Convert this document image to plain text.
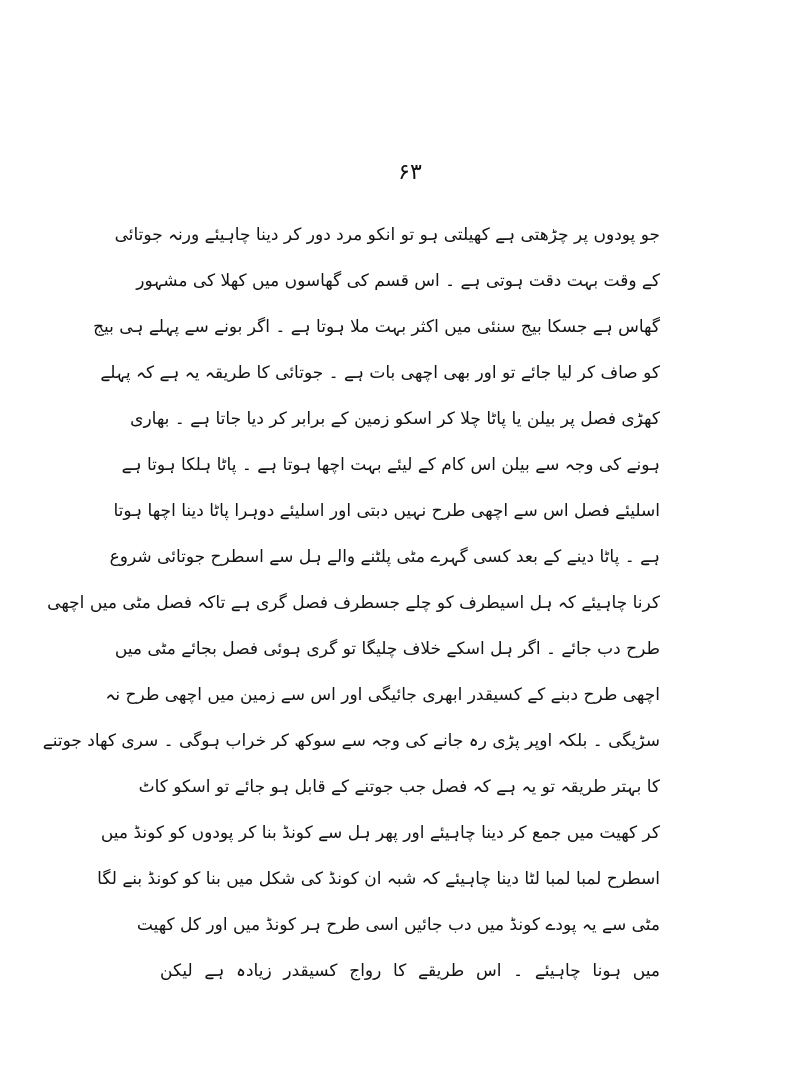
۶۳
جو پودوں پر چڑھتی ہے کھیلتی ہو تو انکو مرد دور کر دینا چاہیئے ورنہ جوتائی
کے وقت بہت دقت ہوتی ہے ۔ اس قسم کی گھاسوں میں کھلا کی مشہور
گھاس ہے جسکا بیج سنئی میں اکثر بہت ملا ہوتا ہے ۔ اگر بونے سے پہلے ہی بیج
کو صاف کر لیا جائے تو اور بھی اچھی بات ہے ۔ جوتائی کا طریقہ یہ ہے کہ پہلے
کھڑی فصل پر بیلن یا پاٹا چلا کر اسکو زمین کے برابر کر دیا جاتا ہے ۔ بھاری
ہونے کی وجہ سے بیلن اس کام کے لیئے بہت اچھا ہوتا ہے ۔ پاٹا ہلکا ہوتا ہے
اسلیئے فصل اس سے اچھی طرح نہیں دبتی اور اسلیئے دوہرا پاٹا دینا اچھا ہوتا
ہے ۔ پاٹا دینے کے بعد کسی گہرے مٹی پلٹنے والے ہل سے اسطرح جوتائی شروع
کرنا چاہیئے کہ ہل اسیطرف کو چلے جسطرف فصل گری ہے تاکہ فصل مٹی میں اچھی
طرح دب جائے ۔ اگر ہل اسکے خلاف چلیگا تو گری ہوئی فصل بجائے مٹی میں
اچھی طرح دبنے کے کسیقدر ابھری جائیگی اور اس سے زمین میں اچھی طرح نہ
سڑیگی ۔ بلکہ اوپر پڑی رہ جانے کی وجہ سے سوکھ کر خراب ہوگی ۔ سری کھاد جوتنے
کا بہتر طریقہ تو یہ ہے کہ فصل جب جوتنے کے قابل ہو جائے تو اسکو کاٹ
کر کھیت میں جمع کر دینا چاہیئے اور پھر ہل سے کونڈ بنا کر پودوں کو کونڈ میں
اسطرح لمبا لمبا لٹا دینا چاہیئے کہ شبہ ان کونڈ کی شکل میں بنا کو کونڈ بنے لگا
مٹی سے یہ پودے کونڈ میں دب جائیں اسی طرح ہر کونڈ میں اور کل کھیت
میں ہونا چاہیئے ۔ اس طریقے کا رواج کسیقدر زیادہ ہے لیکن
